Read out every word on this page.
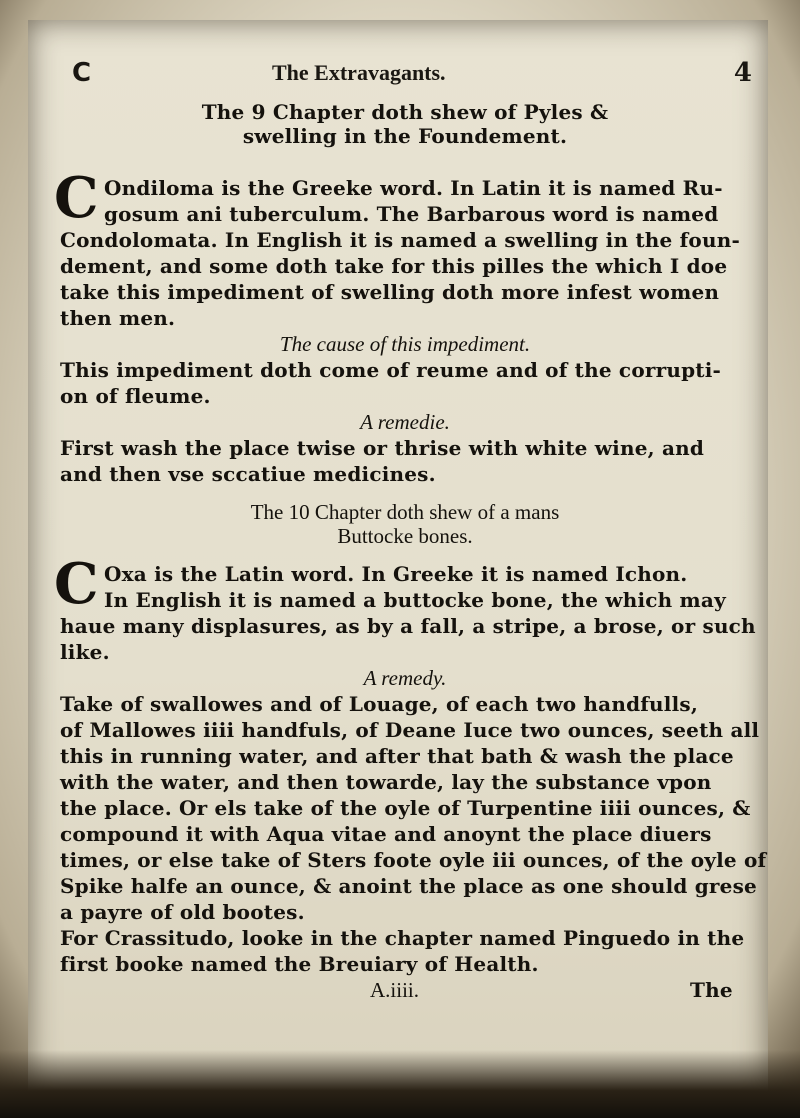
C	The Extravagants.	4
The 9 Chapter doth shew of Pyles &
swelling in the Foundement.
C Ondiloma is the Greeke word. In Latin it is named Ru-
gosum ani tuberculum. The Barbarous word is named
Condolomata. In English it is named a swelling in the foun-
dement, and some doth take for this pilles the which I doe
take this impediment of swelling doth more infest women
then men.
The cause of this impediment.
This impediment doth come of reume and of the corrupti-
on of fleume.
A remedie.
First wash the place twise or thrise with white wine, and
and then vse sccatiue medicines.
The 10 Chapter doth shew of a mans
Buttocke bones.
C Oxa is the Latin word. In Greeke it is named Ichon.
In English it is named a buttocke bone, the which may
haue many displasures, as by a fall, a stripe, a brose, or such
like.
A remedy.
Take of swallowes and of Louage, of each two handfulls,
of Mallowes iiii handfuls, of Deane Iuce two ounces, seeth all
this in running water, and after that bath & wash the place
with the water, and then towarde, lay the substance vpon
the place. Or els take of the oyle of Turpentine iiii ounces, &
compound it with Aqua vitae and anoynt the place diuers
times, or else take of Sters foote oyle iii ounces, of the oyle of
Spike halfe an ounce, & anoint the place as one should grese
a payre of old bootes.
For Crassitudo, looke in the chapter named Pinguedo in the
first booke named the Breuiary of Health.
A.iiii.	The
